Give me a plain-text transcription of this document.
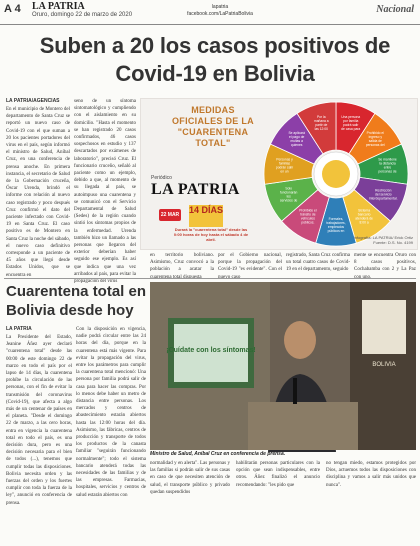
A 4 LA PATRIA
Oruro, domingo 22 de marzo de 2020
lapatria
facebook.com/LaPatriaBolivia	Nacional
Suben a 20 los casos positivos de Covid-19 en Bolivia
LA PATRIA/AGENCIAS
En el municipio de Montero del departamento de Santa Cruz se reportó un nuevo caso de Covid-19 con el que suman a 20 los pacientes portadores del virus en el país, según informó el ministro de Salud, Aníbal Cruz, en una conferencia de prensa anoche. En primera instancia, el secretario de Salud de la Gobernación cruceña, Óscar Urenda, brindó el informe con relación al nuevo caso registrado y poco después Cruz confirmó el dato del paciente infectado con Covid-19 en Santa Cruz. El caso positivo es de Montero en Santa Cruz la noche del sábado, el nuevo caso definitivo corresponde a un paciente de 45 años que llegó desde Estados Unidos, que se encuentra en
seno de un síntoma sintomatológico y cumpliendo con el aislamiento en su domicilio. "Hasta el momento se han registrado 20 casos confirmados, 46 casos sospechosos en estudio y 137 descartados por exámenes de laboratorio", precisó Cruz. El funcionario cruceño, señaló al paciente como un ejemplo, debido a que, al momento de su llegada al país, se autoimpuso una cuarentena y se comunicó con el Servicio Departamental de Salud (Sedes) de la región cuando sintió los síntomas propios de la enfermedad. Urenda también hizo un llamado a las personas que llegaron del exterior deberían haber seguido ese ejemplo. Es así que indica que una vez arribados al país, para evitar la propagación del virus
MEDIDAS OFICIALES DE LA "CUARENTENA TOTAL"
Periódico
LA PATRIA
22 MAR 14 DÍAS
Durará la "cuarentena total" desde las 0:00 horas de hoy hasta el sábado 4 de abril.
Una persona por familia podrá salir de casa para
Prohibido el ingreso y salida de personas del
Se mantiene la distancia entre personas de
Restricción del servicio interdepartamental.
Sistema bancario atenderá de 8:00 a
Formales, trabajadores, empleados públicos en
Prohibido el tránsito de vehículos públicos.
Solo funcionarán los servicios de
Personas y familias podrán salir en un
Se aplicará el pago de multas a quienes
Por la mañana a partir de las 12:00
Infografía: LA PATRIA/ Erick Ortiz
Fuente: D.S. No. 4199
en territorio boliviano. Asimismo, Cruz convocó a la población a acatar la
por el Gobierno nacional, porque la propagación del Covid-19 "es evidente". Con el
registrado, Santa Cruz confirma un total cuatro casos de Covid-19 en el departamento, seguido
mente se encuentra Oruro con 8 casos positivos, Cochabamba con 2 y La Paz
Cuarentena total en Bolivia desde hoy
LA PATRIA
La Presidente del Estado, Jeanine Áñez ayer declaró "cuarentena total" desde las 00:00 de este domingo 22 de marzo en todo el país por el lapso de 14 días, la cuarentena prohíbe la circulación de las personas, con el fin de evitar la transmisión del coronavirus (Covid-19), que afecta a algo más de un centenar de países en el planeta. "Desde el domingo 22 de marzo, a las cero horas, entra en vigencia la cuarentena total en todo el país, es una decisión dura, pero es una decisión necesaria para el bien de todos (...), tenemos que cumplir todas las disposiciones. Bolivia necesita orden y las fuerzas del orden y los fuertes cumplir con toda la fuerza de la ley", anunció en conferencia de prensa.
Con la disposición en vigencia, nadie podrá circular entre las 24 horas del día, porque en la cuarentena está más vigente. Para evitar la propagación del virus, entre los parámetros para cumplir la cuarentena total mencionó: Una persona por familia podrá salir de casa para hacer las compras. Por lo menos debe haber un metro de distancia entre personas. Los mercados y centros de abastecimiento estarán abiertos hasta las 12:00 horas del día. Asimismo, las fábricas, centros de producción y transporte de todos los productos de la canasta familiar "seguirán funcionando normalmente"; todo el sistema bancario atenderá todas las necesidades de las familias y de las empresas. Farmacias, hospitales, servicios y centros de salud estarán abiertos con
¡Cuídate con los síntomas!
BOLIVIA
Ministro de Salud, Aníbal Cruz en conferencia de prensa.
normalidad y en alerta". Las personas y las familias si podrán salir de sus casas en caso de que necesiten atención de salud, el transporte público y privado quedan suspendidos
habilitarán personas particulares con la opción que sean indispensables, entre otros. Áñez finalizó el anuncio recomendando: "les pido que
no tengan miedo, estamos protegidos por Dios, actuemos todos las disposiciones con disciplina y vamos a salir más unidos que nunca".
